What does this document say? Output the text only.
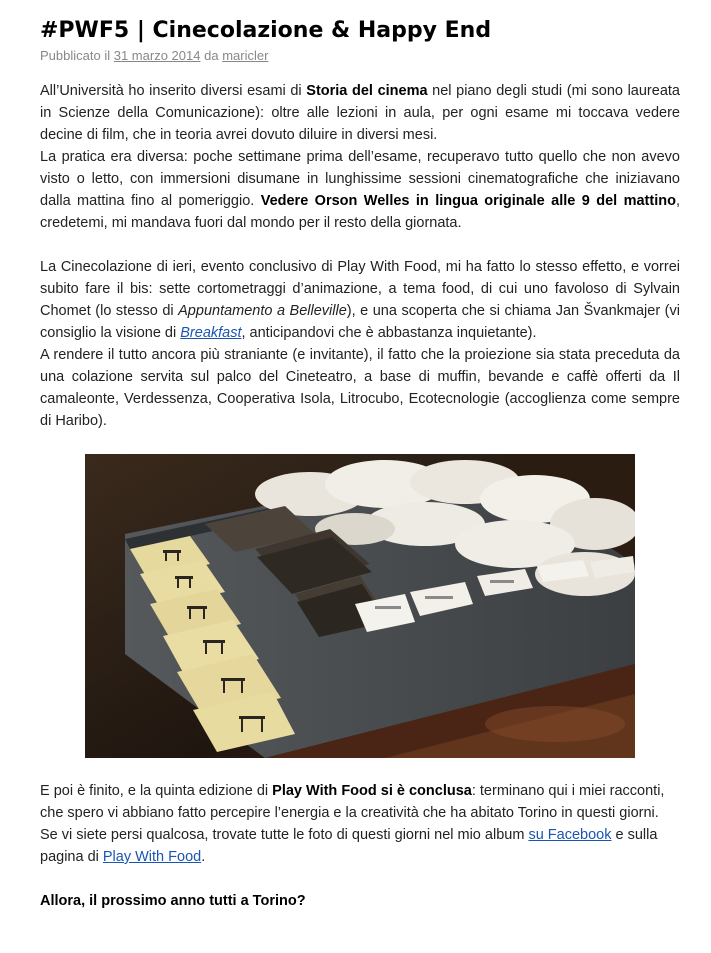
#PWF5 | Cinecolazione & Happy End
Pubblicato il 31 marzo 2014 da maricler

All’Università ho inserito diversi esami di Storia del cinema nel piano degli studi (mi sono laureata in Scienze della Comunicazione): oltre alle lezioni in aula, per ogni esame mi toccava vedere decine di film, che in teoria avrei dovuto diluire in diversi mesi.
La pratica era diversa: poche settimane prima dell’esame, recuperavo tutto quello che non avevo visto o letto, con immersioni disumane in lunghissime sessioni cinematografiche che iniziavano dalla mattina fino al pomeriggio. Vedere Orson Welles in lingua originale alle 9 del mattino, credetemi, mi mandava fuori dal mondo per il resto della giornata.

La Cinecolazione di ieri, evento conclusivo di Play With Food, mi ha fatto lo stesso effetto, e vorrei subito fare il bis: sette cortometraggi d’animazione, a tema food, di cui uno favoloso di Sylvain Chomet (lo stesso di Appuntamento a Belleville), e una scoperta che si chiama Jan Švankmajer (vi consiglio la visione di Breakfast, anticipandovi che è abbastanza inquietante).
A rendere il tutto ancora più straniante (e invitante), il fatto che la proiezione sia stata preceduta da una colazione servita sul palco del Cineteatro, a base di muffin, bevande e caffè offerti da Il camaleonte, Verdessenza, Cooperativa Isola, Litrocubo, Ecotecnologie (accoglienza come sempre di Haribo).

E poi è finito, e la quinta edizione di Play With Food si è conclusa: terminano qui i miei racconti, che spero vi abbiano fatto percepire l’energia e la creatività che ha abitato Torino in questi giorni.
Se vi siete persi qualcosa, trovate tutte le foto di questi giorni nel mio album su Facebook e sulla pagina di Play With Food.

Allora, il prossimo anno tutti a Torino?
